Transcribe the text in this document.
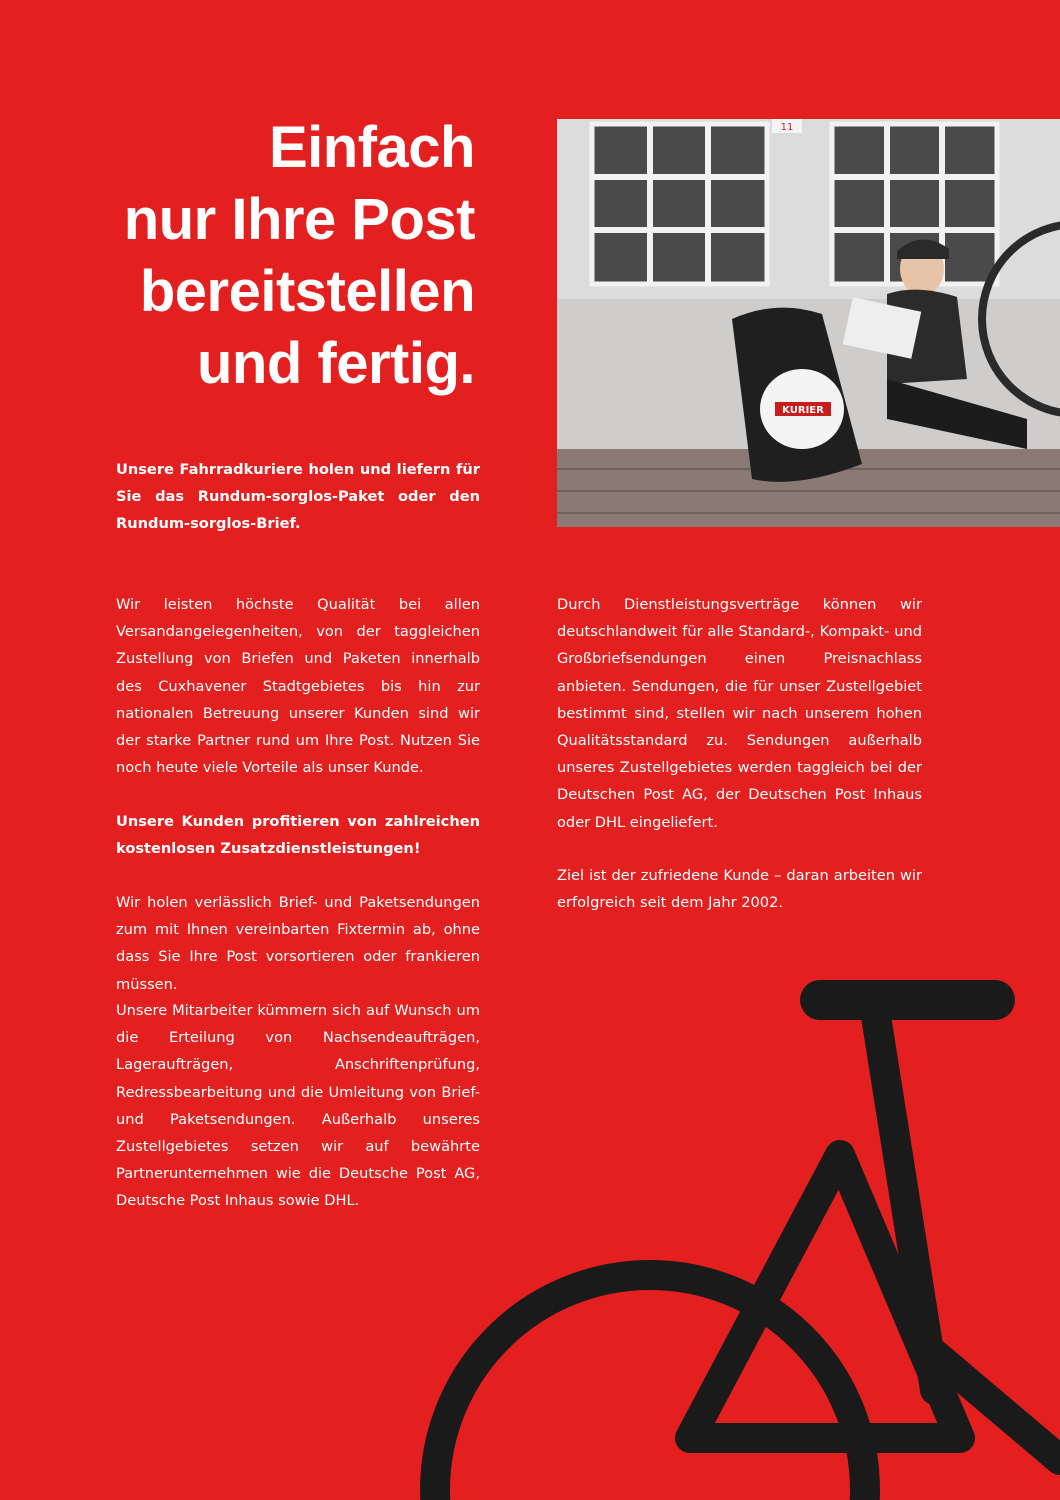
Einfach
nur Ihre Post
bereitstellen
und fertig.
11
KURIER

Unsere Fahrradkuriere holen und liefern für Sie das Rundum-sorglos-Paket oder den Rundum-sorglos-Brief.

Wir leisten höchste Qualität bei allen Versandangelegenheiten, von der taggleichen Zustellung von Briefen und Paketen innerhalb des Cuxhavener Stadtgebietes bis hin zur nationalen Betreuung unserer Kunden sind wir der starke Partner rund um Ihre Post. Nutzen Sie noch heute viele Vorteile als unser Kunde.

Unsere Kunden profitieren von zahlreichen kostenlosen Zusatzdienstleistungen!

Wir holen verlässlich Brief- und Paketsendungen zum mit Ihnen vereinbarten Fixtermin ab, ohne dass Sie Ihre Post vorsortieren oder frankieren müssen.

Unsere Mitarbeiter kümmern sich auf Wunsch um die Erteilung von Nachsendeaufträgen, Lageraufträgen, Anschriftenprüfung, Redressbearbeitung und die Umleitung von Brief- und Paketsendungen. Außerhalb unseres Zustellgebietes setzen wir auf bewährte Partnerunternehmen wie die Deutsche Post AG, Deutsche Post Inhaus sowie DHL.

Durch Dienstleistungsverträge können wir deutschlandweit für alle Standard-, Kompakt- und Großbriefsendungen einen Preisnachlass anbieten. Sendungen, die für unser Zustellgebiet bestimmt sind, stellen wir nach unserem hohen Qualitätsstandard zu. Sendungen außerhalb unseres Zustellgebietes werden taggleich bei der Deutschen Post AG, der Deutschen Post Inhaus oder DHL eingeliefert.

Ziel ist der zufriedene Kunde – daran arbeiten wir erfolgreich seit dem Jahr 2002.
